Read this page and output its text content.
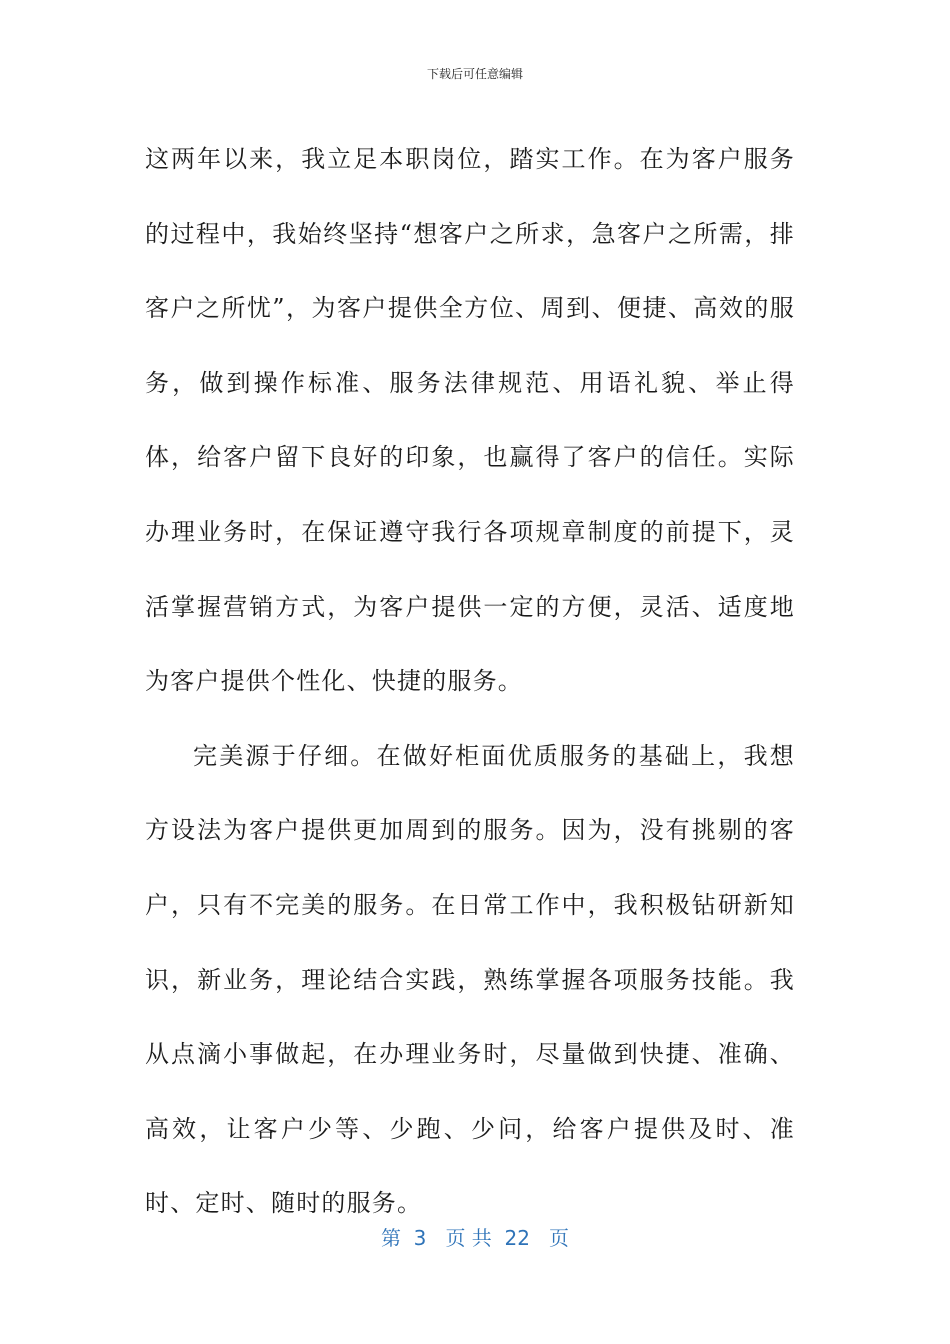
下载后可任意编辑

这两年以来，我立足本职岗位，踏实工作。在为客户服务的过程中，我始终坚持“想客户之所求，急客户之所需，排客户之所忧”，为客户提供全方位、周到、便捷、高效的服务，做到操作标准、服务法律规范、用语礼貌、举止得体，给客户留下良好的印象，也赢得了客户的信任。实际办理业务时，在保证遵守我行各项规章制度的前提下，灵活掌握营销方式，为客户提供一定的方便，灵活、适度地为客户提供个性化、快捷的服务。

完美源于仔细。在做好柜面优质服务的基础上，我想方设法为客户提供更加周到的服务。因为，没有挑剔的客户，只有不完美的服务。在日常工作中，我积极钻研新知识，新业务，理论结合实践，熟练掌握各项服务技能。我从点滴小事做起，在办理业务时，尽量做到快捷、准确、高效，让客户少等、少跑、少问，给客户提供及时、准时、定时、随时的服务。

第  3   页 共  22   页
